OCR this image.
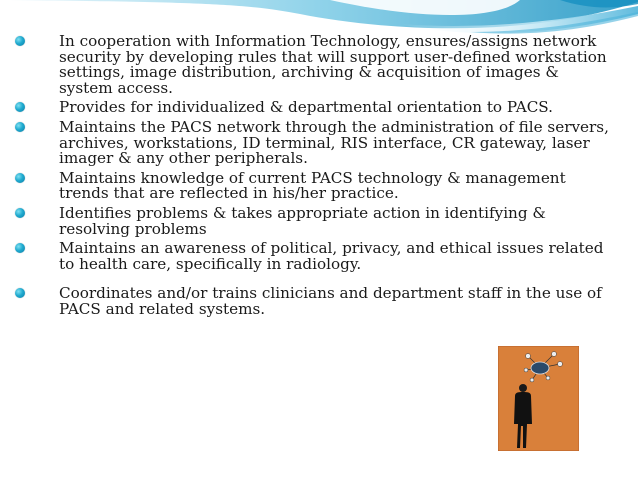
In cooperation with Information Technology, ensures/assigns network security by developing rules that will support user-defined workstation settings, image distribution, archiving & acquisition of images & system access.
Provides for individualized & departmental orientation to PACS.
Maintains the PACS network through the administration of file servers, archives, workstations, ID terminal, RIS interface, CR gateway, laser imager & any other peripherals.
Maintains knowledge of current PACS technology & management trends that are reflected in his/her practice.
Identifies problems & takes appropriate action in identifying & resolving problems
Maintains an awareness of political, privacy, and ethical issues related to health care, specifically in radiology.
Coordinates and/or trains clinicians and department staff in the use of PACS and related systems.
